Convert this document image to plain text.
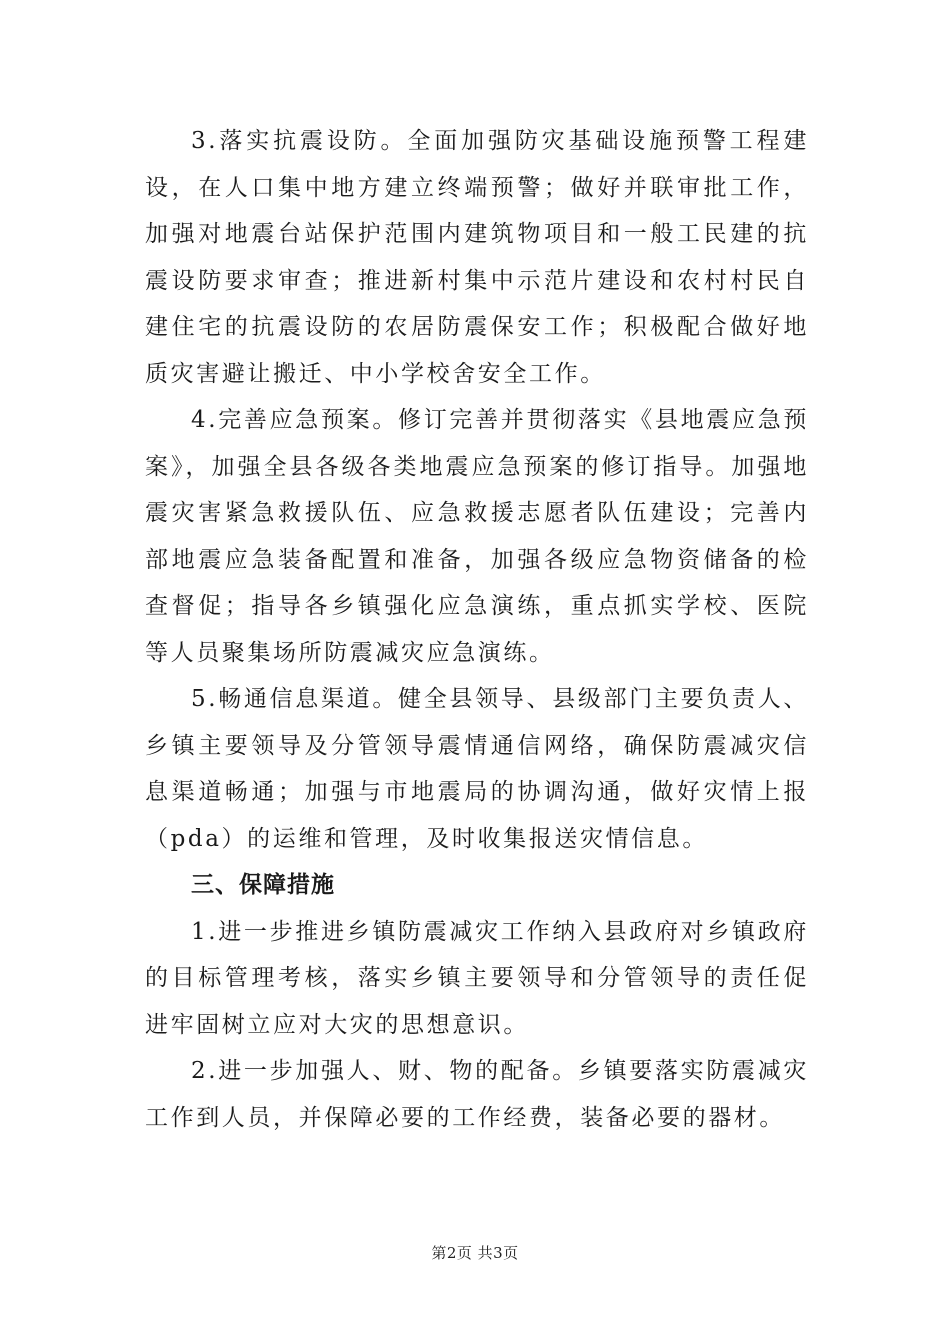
3.落实抗震设防。全面加强防灾基础设施预警工程建设，在人口集中地方建立终端预警；做好并联审批工作，加强对地震台站保护范围内建筑物项目和一般工民建的抗震设防要求审查；推进新村集中示范片建设和农村村民自建住宅的抗震设防的农居防震保安工作；积极配合做好地质灾害避让搬迁、中小学校舍安全工作。

4.完善应急预案。修订完善并贯彻落实《县地震应急预案》，加强全县各级各类地震应急预案的修订指导。加强地震灾害紧急救援队伍、应急救援志愿者队伍建设；完善内部地震应急装备配置和准备，加强各级应急物资储备的检查督促；指导各乡镇强化应急演练，重点抓实学校、医院等人员聚集场所防震减灾应急演练。

5.畅通信息渠道。健全县领导、县级部门主要负责人、乡镇主要领导及分管领导震情通信网络，确保防震减灾信息渠道畅通；加强与市地震局的协调沟通，做好灾情上报（pda）的运维和管理，及时收集报送灾情信息。

三、保障措施

1.进一步推进乡镇防震减灾工作纳入县政府对乡镇政府的目标管理考核，落实乡镇主要领导和分管领导的责任促进牢固树立应对大灾的思想意识。

2.进一步加强人、财、物的配备。乡镇要落实防震减灾工作到人员，并保障必要的工作经费，装备必要的器材。

第2页 共3页
